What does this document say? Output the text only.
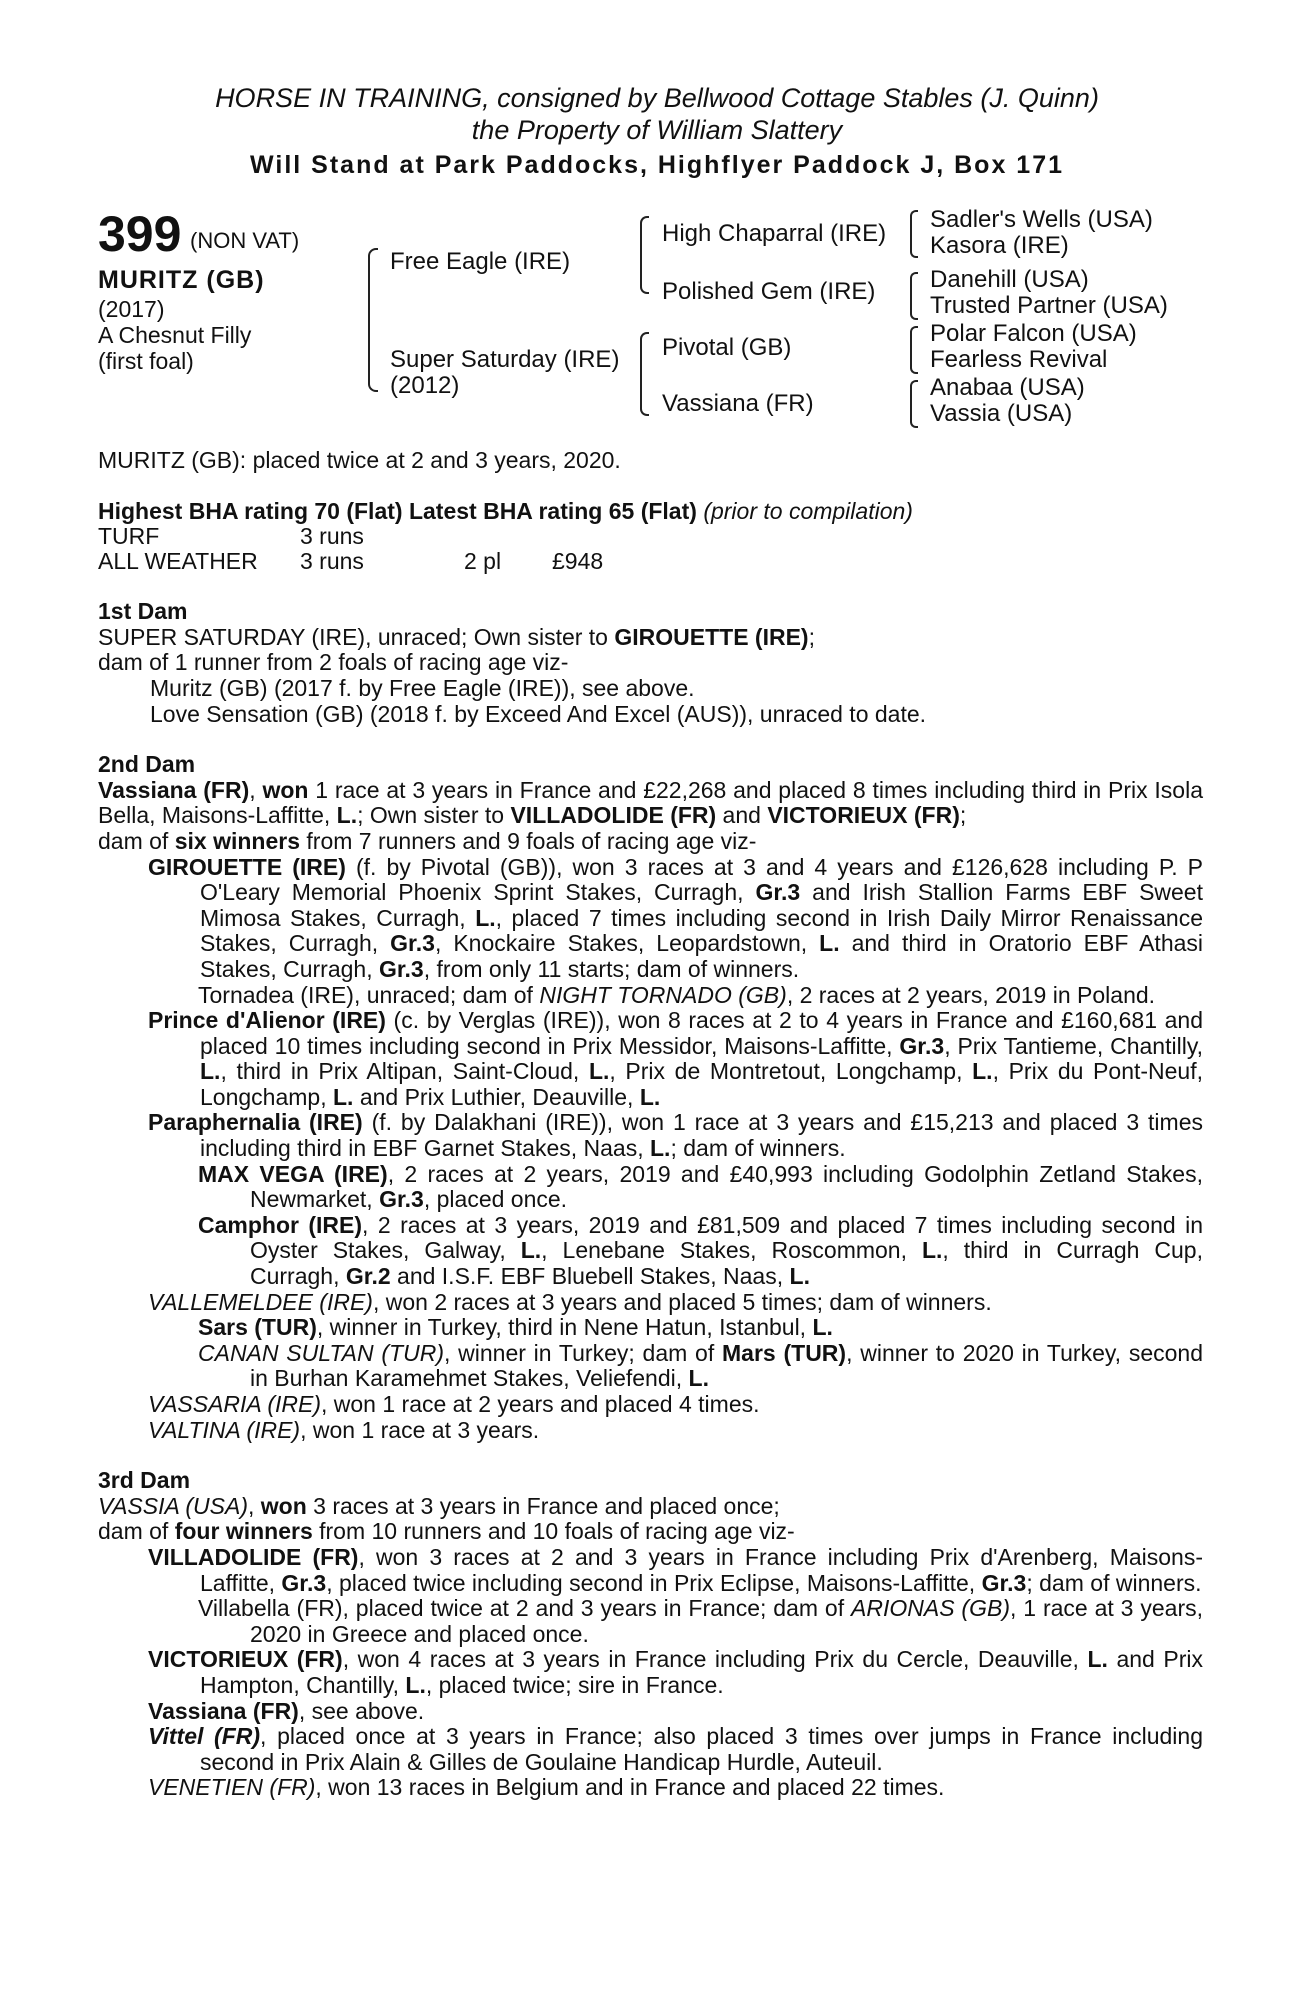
HORSE IN TRAINING, consigned by Bellwood Cottage Stables (J. Quinn)
the Property of William Slattery
Will Stand at Park Paddocks, Highflyer Paddock J, Box 171
399 (NON VAT)
MURITZ (GB)
(2017)
A Chesnut Filly
(first foal)
Free Eagle (IRE)
Super Saturday (IRE)
(2012)
High Chaparral (IRE)
Polished Gem (IRE)
Pivotal (GB)
Vassiana (FR)
Sadler's Wells (USA)
Kasora (IRE)
Danehill (USA)
Trusted Partner (USA)
Polar Falcon (USA)
Fearless Revival
Anabaa (USA)
Vassia (USA)

MURITZ (GB): placed twice at 2 and 3 years, 2020.

Highest BHA rating 70 (Flat) Latest BHA rating 65 (Flat) (prior to compilation)

TURF	3 runs		
ALL WEATHER	3 runs	2 pl	£948

1st Dam

SUPER SATURDAY (IRE), unraced; Own sister to GIROUETTE (IRE);

dam of 1 runner from 2 foals of racing age viz-

Muritz (GB) (2017 f. by Free Eagle (IRE)), see above.

Love Sensation (GB) (2018 f. by Exceed And Excel (AUS)), unraced to date.

2nd Dam

Vassiana (FR), won 1 race at 3 years in France and £22,268 and placed 8 times including third in Prix Isola Bella, Maisons-Laffitte, L.; Own sister to VILLADOLIDE (FR) and VICTORIEUX (FR);

dam of six winners from 7 runners and 9 foals of racing age viz-

GIROUETTE (IRE) (f. by Pivotal (GB)), won 3 races at 3 and 4 years and £126,628 including P. P O'Leary Memorial Phoenix Sprint Stakes, Curragh, Gr.3 and Irish Stallion Farms EBF Sweet Mimosa Stakes, Curragh, L., placed 7 times including second in Irish Daily Mirror Renaissance Stakes, Curragh, Gr.3, Knockaire Stakes, Leopardstown, L. and third in Oratorio EBF Athasi Stakes, Curragh, Gr.3, from only 11 starts; dam of winners.

Tornadea (IRE), unraced; dam of NIGHT TORNADO (GB), 2 races at 2 years, 2019 in Poland.

Prince d'Alienor (IRE) (c. by Verglas (IRE)), won 8 races at 2 to 4 years in France and £160,681 and placed 10 times including second in Prix Messidor, Maisons-Laffitte, Gr.3, Prix Tantieme, Chantilly, L., third in Prix Altipan, Saint-Cloud, L., Prix de Montretout, Longchamp, L., Prix du Pont-Neuf, Longchamp, L. and Prix Luthier, Deauville, L.

Paraphernalia (IRE) (f. by Dalakhani (IRE)), won 1 race at 3 years and £15,213 and placed 3 times including third in EBF Garnet Stakes, Naas, L.; dam of winners.

MAX VEGA (IRE), 2 races at 2 years, 2019 and £40,993 including Godolphin Zetland Stakes, Newmarket, Gr.3, placed once.

Camphor (IRE), 2 races at 3 years, 2019 and £81,509 and placed 7 times including second in Oyster Stakes, Galway, L., Lenebane Stakes, Roscommon, L., third in Curragh Cup, Curragh, Gr.2 and I.S.F. EBF Bluebell Stakes, Naas, L.

VALLEMELDEE (IRE), won 2 races at 3 years and placed 5 times; dam of winners.

Sars (TUR), winner in Turkey, third in Nene Hatun, Istanbul, L.

CANAN SULTAN (TUR), winner in Turkey; dam of Mars (TUR), winner to 2020 in Turkey, second in Burhan Karamehmet Stakes, Veliefendi, L.

VASSARIA (IRE), won 1 race at 2 years and placed 4 times.

VALTINA (IRE), won 1 race at 3 years.

3rd Dam

VASSIA (USA), won 3 races at 3 years in France and placed once;

dam of four winners from 10 runners and 10 foals of racing age viz-

VILLADOLIDE (FR), won 3 races at 2 and 3 years in France including Prix d'Arenberg, Maisons-Laffitte, Gr.3, placed twice including second in Prix Eclipse, Maisons-Laffitte, Gr.3; dam of winners.

Villabella (FR), placed twice at 2 and 3 years in France; dam of ARIONAS (GB), 1 race at 3 years, 2020 in Greece and placed once.

VICTORIEUX (FR), won 4 races at 3 years in France including Prix du Cercle, Deauville, L. and Prix Hampton, Chantilly, L., placed twice; sire in France.

Vassiana (FR), see above.

Vittel (FR), placed once at 3 years in France; also placed 3 times over jumps in France including second in Prix Alain & Gilles de Goulaine Handicap Hurdle, Auteuil.

VENETIEN (FR), won 13 races in Belgium and in France and placed 22 times.
